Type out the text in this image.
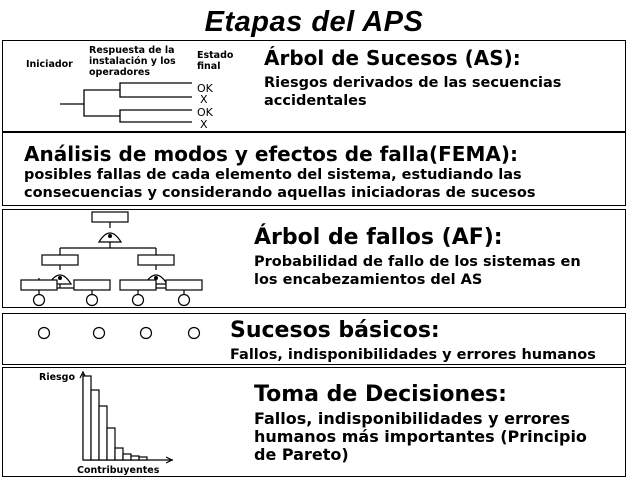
Etapas del APS
Iniciador
Respuesta de la instalación y los operadores
Estado final
OK
X
OK
X
Árbol de Sucesos (AS):
Riesgos derivados de las secuencias accidentales
Análisis de modos y efectos de falla(FEMA):
posibles fallas de cada elemento del sistema, estudiando las consecuencias y considerando aquellas iniciadoras de sucesos
Árbol de fallos (AF):
Probabilidad de fallo de los sistemas en los encabezamientos del AS
Sucesos básicos:
Fallos, indisponibilidades y errores humanos
Riesgo
Contribuyentes
Toma de Decisiones:
Fallos, indisponibilidades y errores humanos más importantes (Principio de Pareto)
